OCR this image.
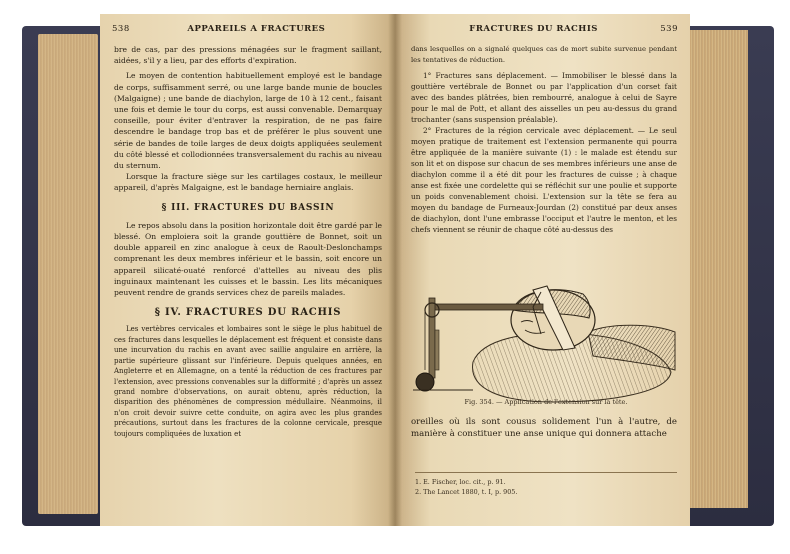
538	APPAREILS A FRACTURES

bre de cas, par des pressions ménagées sur le fragment saillant, aidées, s'il y a lieu, par des efforts d'expiration.

Le moyen de contention habituellement employé est le bandage de corps, suffisamment serré, ou une large bande munie de boucles (Malgaigne) ; une bande de diachylon, large de 10 à 12 cent., faisant une fois et demie le tour du corps, est aussi convenable. Demarquay conseille, pour éviter d'entraver la respiration, de ne pas faire descendre le bandage trop bas et de préférer le plus souvent une série de bandes de toile larges de deux doigts appliquées seulement du côté blessé et collodionnées transversalement du rachis au niveau du sternum.

Lorsque la fracture siège sur les cartilages costaux, le meilleur appareil, d'après Malgaigne, est le bandage herniaire anglais.

§ III. FRACTURES DU BASSIN

Le repos absolu dans la position horizontale doit être gardé par le blessé. On emploiera soit la grande gouttière de Bonnet, soit un double appareil en zinc analogue à ceux de Raoult-Deslonchamps comprenant les deux membres inférieur et le bassin, soit encore un appareil silicaté-ouaté renforcé d'attelles au niveau des plis inguinaux maintenant les cuisses et le bassin. Les lits mécaniques peuvent rendre de grands services chez de pareils malades.

§ IV. FRACTURES DU RACHIS

Les vertèbres cervicales et lombaires sont le siège le plus habituel de ces fractures dans lesquelles le déplacement est fréquent et consiste dans une incurvation du rachis en avant avec saillie angulaire en arrière, la partie supérieure glissant sur l'inférieure. Depuis quelques années, en Angleterre et en Allemagne, on a tenté la réduction de ces fractures par l'extension, avec pressions convenables sur la difformité ; d'après un assez grand nombre d'observations, on aurait obtenu, après réduction, la disparition des phénomènes de compression médullaire. Néanmoins, il n'on croit devoir suivre cette conduite, on agira avec les plus grandes précautions, surtout dans les fractures de la colonne cervicale, presque toujours compliquées de luxation et

FRACTURES DU RACHIS	539

dans lesquelles on a signalé quelques cas de mort subite survenue pendant les tentatives de réduction.

1° Fractures sans déplacement. — Immobiliser le blessé dans la gouttière vertébrale de Bonnet ou par l'application d'un corset fait avec des bandes plâtrées, bien rembourré, analogue à celui de Sayre pour le mal de Pott, et allant des aisselles un peu au-dessus du grand trochanter (sans suspension préalable).

2° Fractures de la région cervicale avec déplacement. — Le seul moyen pratique de traitement est l'extension permanente qui pourra être appliquée de la manière suivante (1) : le malade est étendu sur son lit et on dispose sur chacun de ses membres inférieurs une anse de diachylon comme il a été dit pour les fractures de cuisse ; à chaque anse est fixée une cordelette qui se réfléchit sur une poulie et supporte un poids convenablement choisi. L'extension sur la tête se fera au moyen du bandage de Furneaux-Jourdan (2) constitué par deux anses de diachylon, dont l'une embrasse l'occiput et l'autre le menton, et les chefs viennent se réunir de chaque côté au-dessus des

Fig. 354. — Application de l'extension sur la tête.

oreilles où ils sont cousus solidement l'un à l'autre, de manière à constituer une anse unique qui donnera attache

1. E. Fischer, loc. cit., p. 91.
2. The Lancet 1880, t. I, p. 905.
